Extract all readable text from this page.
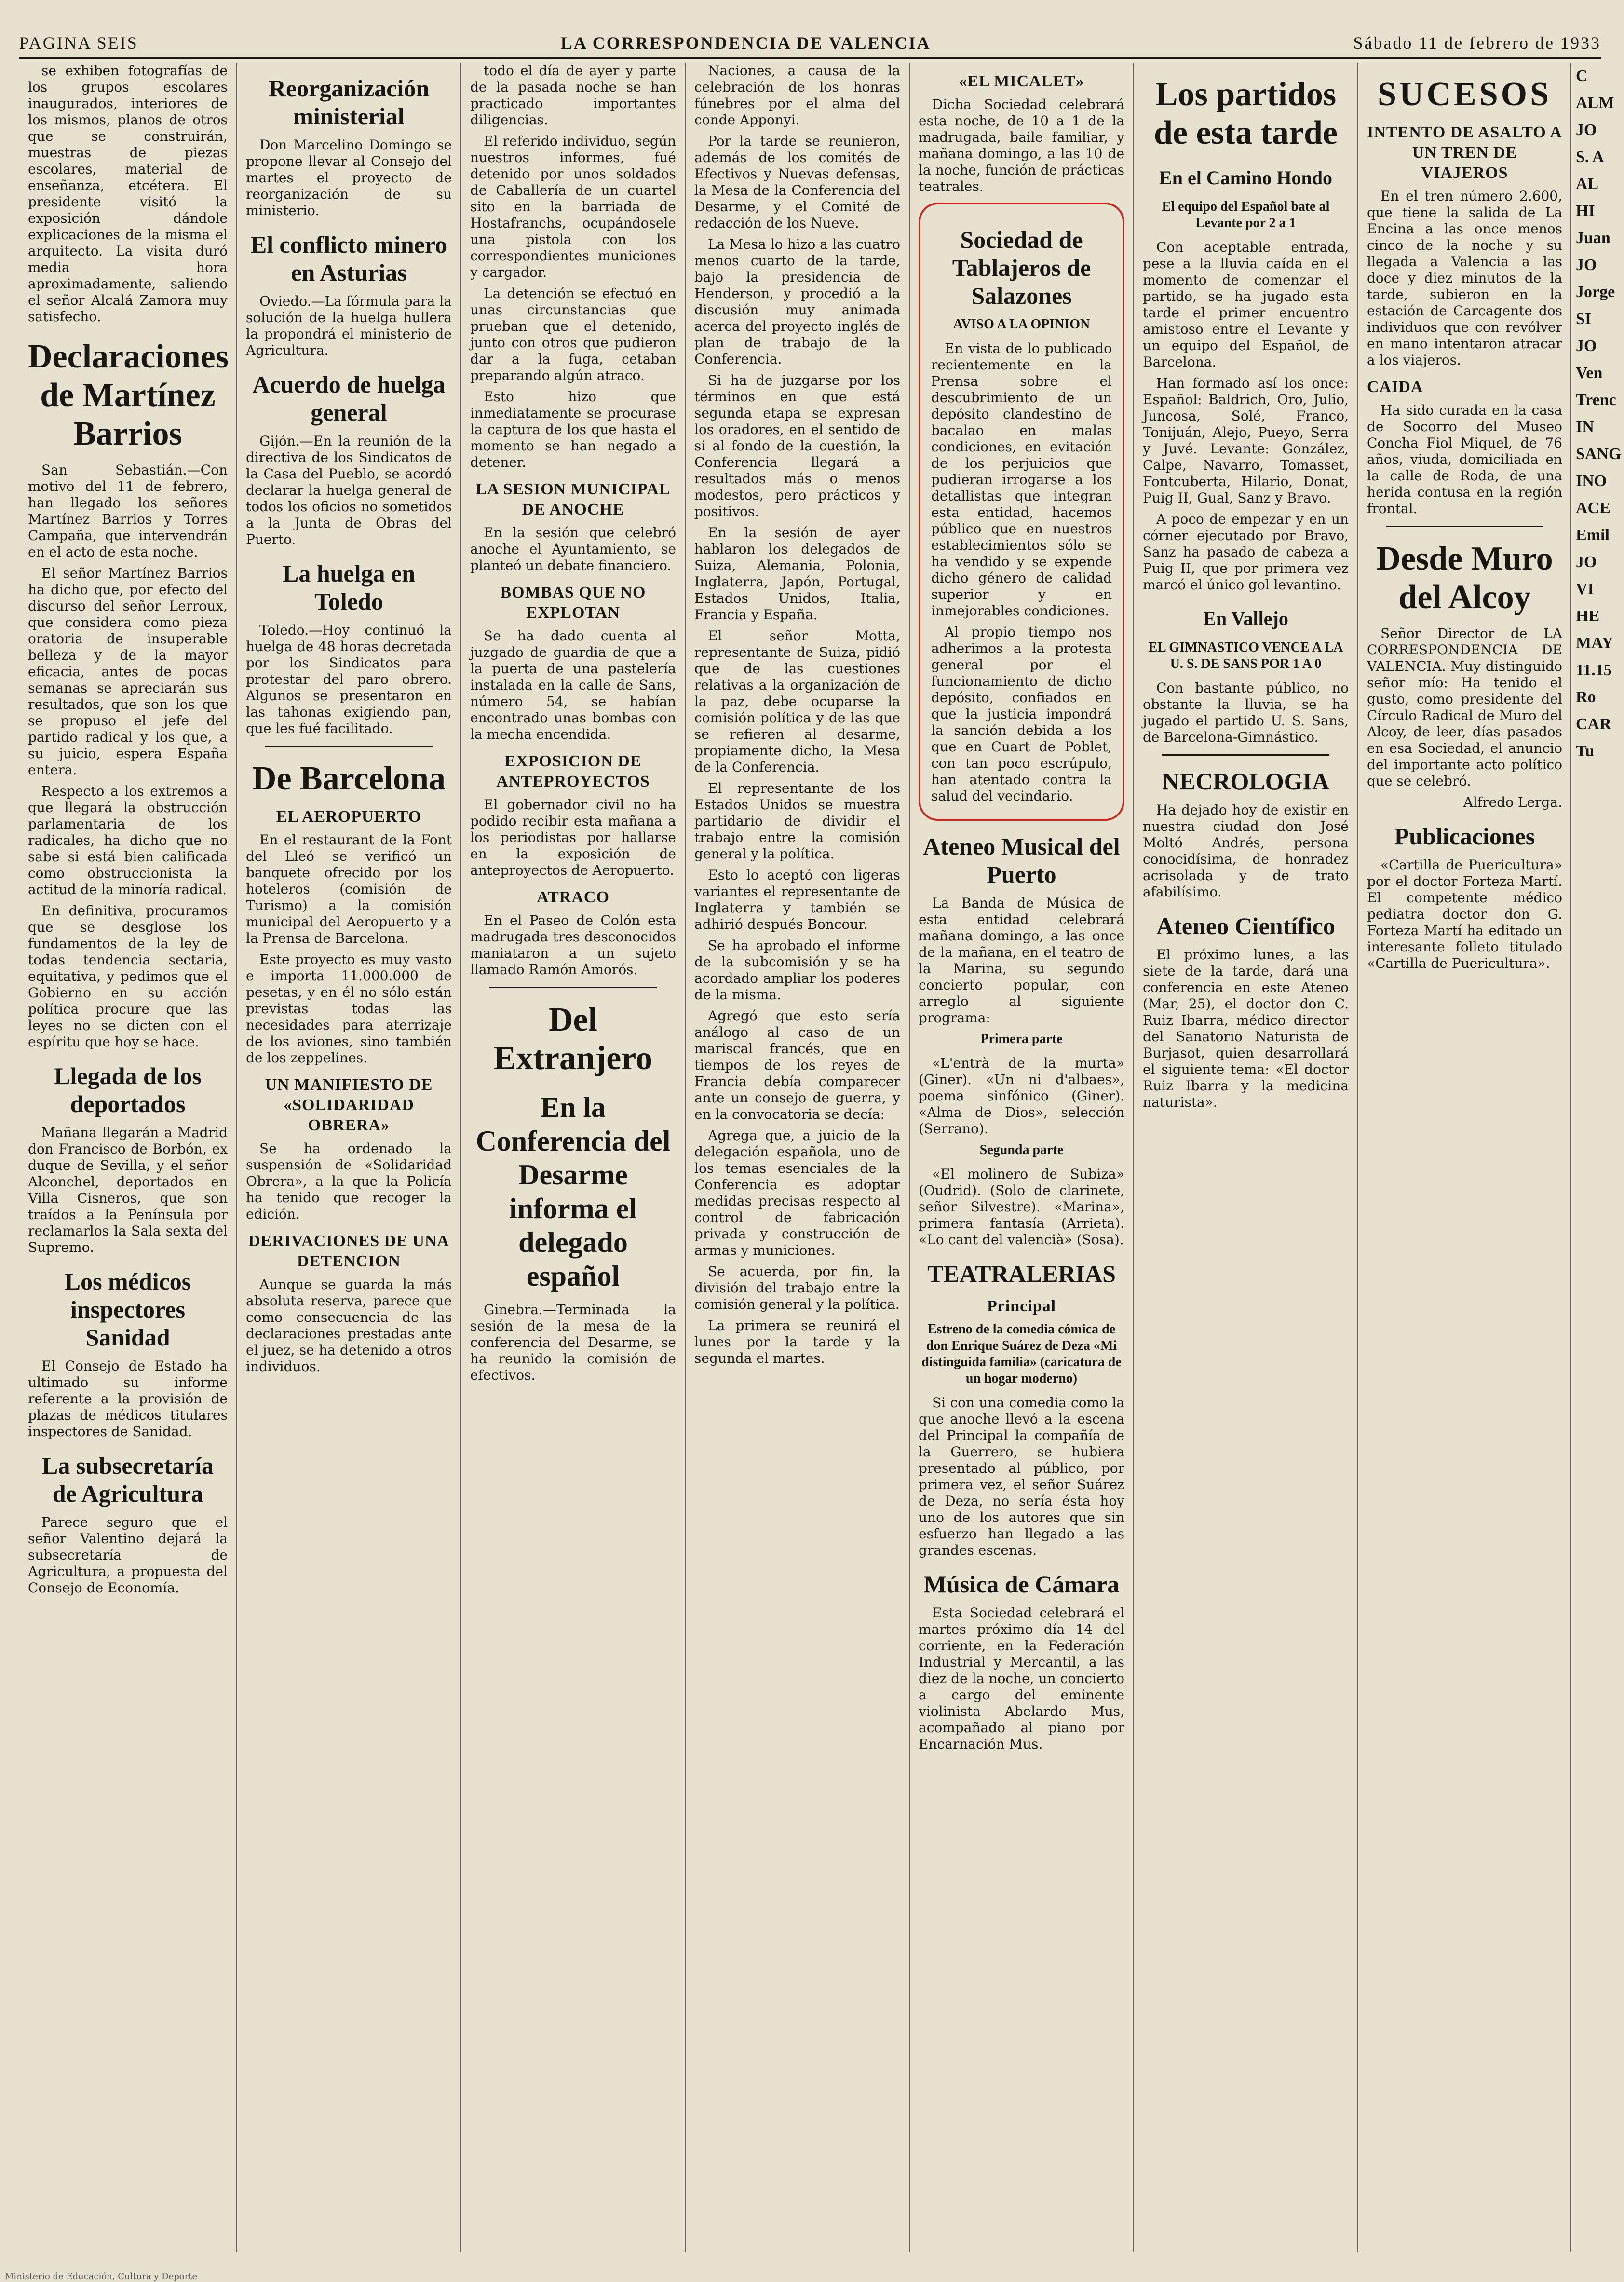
PAGINA SEIS	LA CORRESPONDENCIA DE VALENCIA	Sábado 11 de febrero de 1933

se exhiben fotografías de los grupos escolares inaugurados, interiores de los mismos, planos de otros que se construirán, muestras de piezas escolares, material de enseñanza, etcétera. El presidente visitó la exposición dándole explicaciones de la misma el arquitecto. La visita duró media hora aproximadamente, saliendo el señor Alcalá Zamora muy satisfecho.

Declaraciones de Martínez Barrios

San Sebastián.—Con motivo del 11 de febrero, han llegado los señores Martínez Barrios y Torres Campaña, que intervendrán en el acto de esta noche.

El señor Martínez Barrios ha dicho que, por efecto del discurso del señor Lerroux, que considera como pieza oratoria de insuperable belleza y de la mayor eficacia, antes de pocas semanas se apreciarán sus resultados, que son los que se propuso el jefe del partido radical y los que, a su juicio, espera España entera.

Respecto a los extremos a que llegará la obstrucción parlamentaria de los radicales, ha dicho que no sabe si está bien calificada como obstruccionista la actitud de la minoría radical.

En definitiva, procuramos que se desglose los fundamentos de la ley de todas tendencia sectaria, equitativa, y pedimos que el Gobierno en su acción política procure que las leyes no se dicten con el espíritu que hoy se hace.

Llegada de los deportados

Mañana llegarán a Madrid don Francisco de Borbón, ex duque de Sevilla, y el señor Alconchel, deportados en Villa Cisneros, que son traídos a la Península por reclamarlos la Sala sexta del Supremo.

Los médicos inspectores Sanidad

El Consejo de Estado ha ultimado su informe referente a la provisión de plazas de médicos titulares inspectores de Sanidad.

La subsecretaría de Agricultura

Parece seguro que el señor Valentino dejará la subsecretaría de Agricultura, a propuesta del Consejo de Economía.

Reorganización ministerial

Don Marcelino Domingo se propone llevar al Consejo del martes el proyecto de reorganización de su ministerio.

El conflicto minero en Asturias

Oviedo.—La fórmula para la solución de la huelga hullera la propondrá el ministerio de Agricultura.

Acuerdo de huelga general

Gijón.—En la reunión de la directiva de los Sindicatos de la Casa del Pueblo, se acordó declarar la huelga general de todos los oficios no sometidos a la Junta de Obras del Puerto.

La huelga en Toledo

Toledo.—Hoy continuó la huelga de 48 horas decretada por los Sindicatos para protestar del paro obrero. Algunos se presentaron en las tahonas exigiendo pan, que les fué facilitado.

De Barcelona
EL AEROPUERTO

En el restaurant de la Font del Lleó se verificó un banquete ofrecido por los hoteleros (comisión de Turismo) a la comisión municipal del Aeropuerto y a la Prensa de Barcelona.

Este proyecto es muy vasto e importa 11.000.000 de pesetas, y en él no sólo están previstas todas las necesidades para aterrizaje de los aviones, sino también de los zeppelines.

UN MANIFIESTO DE «SOLIDARIDAD OBRERA»

Se ha ordenado la suspensión de «Solidaridad Obrera», a la que la Policía ha tenido que recoger la edición.

DERIVACIONES DE UNA DETENCION

Aunque se guarda la más absoluta reserva, parece que como consecuencia de las declaraciones prestadas ante el juez, se ha detenido a otros individuos.

todo el día de ayer y parte de la pasada noche se han practicado importantes diligencias.

El referido individuo, según nuestros informes, fué detenido por unos soldados de Caballería de un cuartel sito en la barriada de Hostafranchs, ocupándosele una pistola con los correspondientes municiones y cargador.

La detención se efectuó en unas circunstancias que prueban que el detenido, junto con otros que pudieron dar a la fuga, cetaban preparando algún atraco.

Esto hizo que inmediatamente se procurase la captura de los que hasta el momento se han negado a detener.

LA SESION MUNICIPAL DE ANOCHE

En la sesión que celebró anoche el Ayuntamiento, se planteó un debate financiero.

BOMBAS QUE NO EXPLOTAN

Se ha dado cuenta al juzgado de guardia de que a la puerta de una pastelería instalada en la calle de Sans, número 54, se habían encontrado unas bombas con la mecha encendida.

EXPOSICION DE ANTEPROYECTOS

El gobernador civil no ha podido recibir esta mañana a los periodistas por hallarse en la exposición de anteproyectos de Aeropuerto.

ATRACO

En el Paseo de Colón esta madrugada tres desconocidos maniataron a un sujeto llamado Ramón Amorós.

Del Extranjero
En la Conferencia del Desarme informa el delegado español

Ginebra.—Terminada la sesión de la mesa de la conferencia del Desarme, se ha reunido la comisión de efectivos.

Naciones, a causa de la celebración de los honras fúnebres por el alma del conde Apponyi.

Por la tarde se reunieron, además de los comités de Efectivos y Nuevas defensas, la Mesa de la Conferencia del Desarme, y el Comité de redacción de los Nueve.

La Mesa lo hizo a las cuatro menos cuarto de la tarde, bajo la presidencia de Henderson, y procedió a la discusión muy animada acerca del proyecto inglés de plan de trabajo de la Conferencia.

Si ha de juzgarse por los términos en que está segunda etapa se expresan los oradores, en el sentido de si al fondo de la cuestión, la Conferencia llegará a resultados más o menos modestos, pero prácticos y positivos.

En la sesión de ayer hablaron los delegados de Suiza, Alemania, Polonia, Inglaterra, Japón, Portugal, Estados Unidos, Italia, Francia y España.

El señor Motta, representante de Suiza, pidió que de las cuestiones relativas a la organización de la paz, debe ocuparse la comisión política y de las que se refieren al desarme, propiamente dicho, la Mesa de la Conferencia.

El representante de los Estados Unidos se muestra partidario de dividir el trabajo entre la comisión general y la política.

Esto lo aceptó con ligeras variantes el representante de Inglaterra y también se adhirió después Boncour.

Se ha aprobado el informe de la subcomisión y se ha acordado ampliar los poderes de la misma.

Agregó que esto sería análogo al caso de un mariscal francés, que en tiempos de los reyes de Francia debía comparecer ante un consejo de guerra, y en la convocatoria se decía:

Agrega que, a juicio de la delegación española, uno de los temas esenciales de la Conferencia es adoptar medidas precisas respecto al control de fabricación privada y construcción de armas y municiones.

Se acuerda, por fin, la división del trabajo entre la comisión general y la política.

La primera se reunirá el lunes por la tarde y la segunda el martes.

«EL MICALET»

Dicha Sociedad celebrará esta noche, de 10 a 1 de la madrugada, baile familiar, y mañana domingo, a las 10 de la noche, función de prácticas teatrales.

Sociedad de Tablajeros de Salazones
AVISO A LA OPINION

En vista de lo publicado recientemente en la Prensa sobre el descubrimiento de un depósito clandestino de bacalao en malas condiciones, en evitación de los perjuicios que pudieran irrogarse a los detallistas que integran esta entidad, hacemos público que en nuestros establecimientos sólo se ha vendido y se expende dicho género de calidad superior y en inmejorables condiciones.

Al propio tiempo nos adherimos a la protesta general por el funcionamiento de dicho depósito, confiados en que la justicia impondrá la sanción debida a los que en Cuart de Poblet, con tan poco escrúpulo, han atentado contra la salud del vecindario.

Ateneo Musical del Puerto

La Banda de Música de esta entidad celebrará mañana domingo, a las once de la mañana, en el teatro de la Marina, su segundo concierto popular, con arreglo al siguiente programa:

Primera parte

«L'entrà de la murta» (Giner). «Un ni d'albaes», poema sinfónico (Giner). «Alma de Dios», selección (Serrano).

Segunda parte

«El molinero de Subiza» (Oudrid). (Solo de clarinete, señor Silvestre). «Marina», primera fantasía (Arrieta). «Lo cant del valencià» (Sosa).

TEATRALERIAS
Principal
Estreno de la comedia cómica de don Enrique Suárez de Deza «Mi distinguida familia» (caricatura de un hogar moderno)

Si con una comedia como la que anoche llevó a la escena del Principal la compañía de la Guerrero, se hubiera presentado al público, por primera vez, el señor Suárez de Deza, no sería ésta hoy uno de los autores que sin esfuerzo han llegado a las grandes escenas.

Música de Cámara

Esta Sociedad celebrará el martes próximo día 14 del corriente, en la Federación Industrial y Mercantil, a las diez de la noche, un concierto a cargo del eminente violinista Abelardo Mus, acompañado al piano por Encarnación Mus.

Los partidos de esta tarde
En el Camino Hondo
El equipo del Español bate al Levante por 2 a 1

Con aceptable entrada, pese a la lluvia caída en el momento de comenzar el partido, se ha jugado esta tarde el primer encuentro amistoso entre el Levante y un equipo del Español, de Barcelona.

Han formado así los once: Español: Baldrich, Oro, Julio, Juncosa, Solé, Franco, Tonijuán, Alejo, Pueyo, Serra y Juvé. Levante: González, Calpe, Navarro, Tomasset, Fontcuberta, Hilario, Donat, Puig II, Gual, Sanz y Bravo.

A poco de empezar y en un córner ejecutado por Bravo, Sanz ha pasado de cabeza a Puig II, que por primera vez marcó el único gol levantino.

En Vallejo
EL GIMNASTICO VENCE A LA U. S. DE SANS POR 1 A 0

Con bastante público, no obstante la lluvia, se ha jugado el partido U. S. Sans, de Barcelona-Gimnástico.

NECROLOGIA

Ha dejado hoy de existir en nuestra ciudad don José Moltó Andrés, persona conocidísima, de honradez acrisolada y de trato afabilísimo.

Ateneo Científico

El próximo lunes, a las siete de la tarde, dará una conferencia en este Ateneo (Mar, 25), el doctor don C. Ruiz Ibarra, médico director del Sanatorio Naturista de Burjasot, quien desarrollará el siguiente tema: «El doctor Ruiz Ibarra y la medicina naturista».

SUCESOS
INTENTO DE ASALTO A UN TREN DE VIAJEROS

En el tren número 2.600, que tiene la salida de La Encina a las once menos cinco de la noche y su llegada a Valencia a las doce y diez minutos de la tarde, subieron en la estación de Carcagente dos individuos que con revólver en mano intentaron atracar a los viajeros.

CAIDA

Ha sido curada en la casa de Socorro del Museo Concha Fiol Miquel, de 76 años, viuda, domiciliada en la calle de Roda, de una herida contusa en la región frontal.

Desde Muro del Alcoy

Señor Director de LA CORRESPONDENCIA DE VALENCIA. Muy distinguido señor mío: Ha tenido el gusto, como presidente del Círculo Radical de Muro del Alcoy, de leer, días pasados en esa Sociedad, el anuncio del importante acto político que se celebró.

Alfredo Lerga.

Publicaciones

«Cartilla de Puericultura» por el doctor Forteza Martí. El competente médico pediatra doctor don G. Forteza Martí ha editado un interesante folleto titulado «Cartilla de Puericultura».

C
ALM
JO
S. A
AL
HI
Juan
JO
Jorge
SI
JO
Ven
Trenc
IN
SANG
INO
ACE
Emil
JO
VI
HE
MAY
11.15
Ro
CAR
Tu
Ministerio de Educación, Cultura y Deporte
